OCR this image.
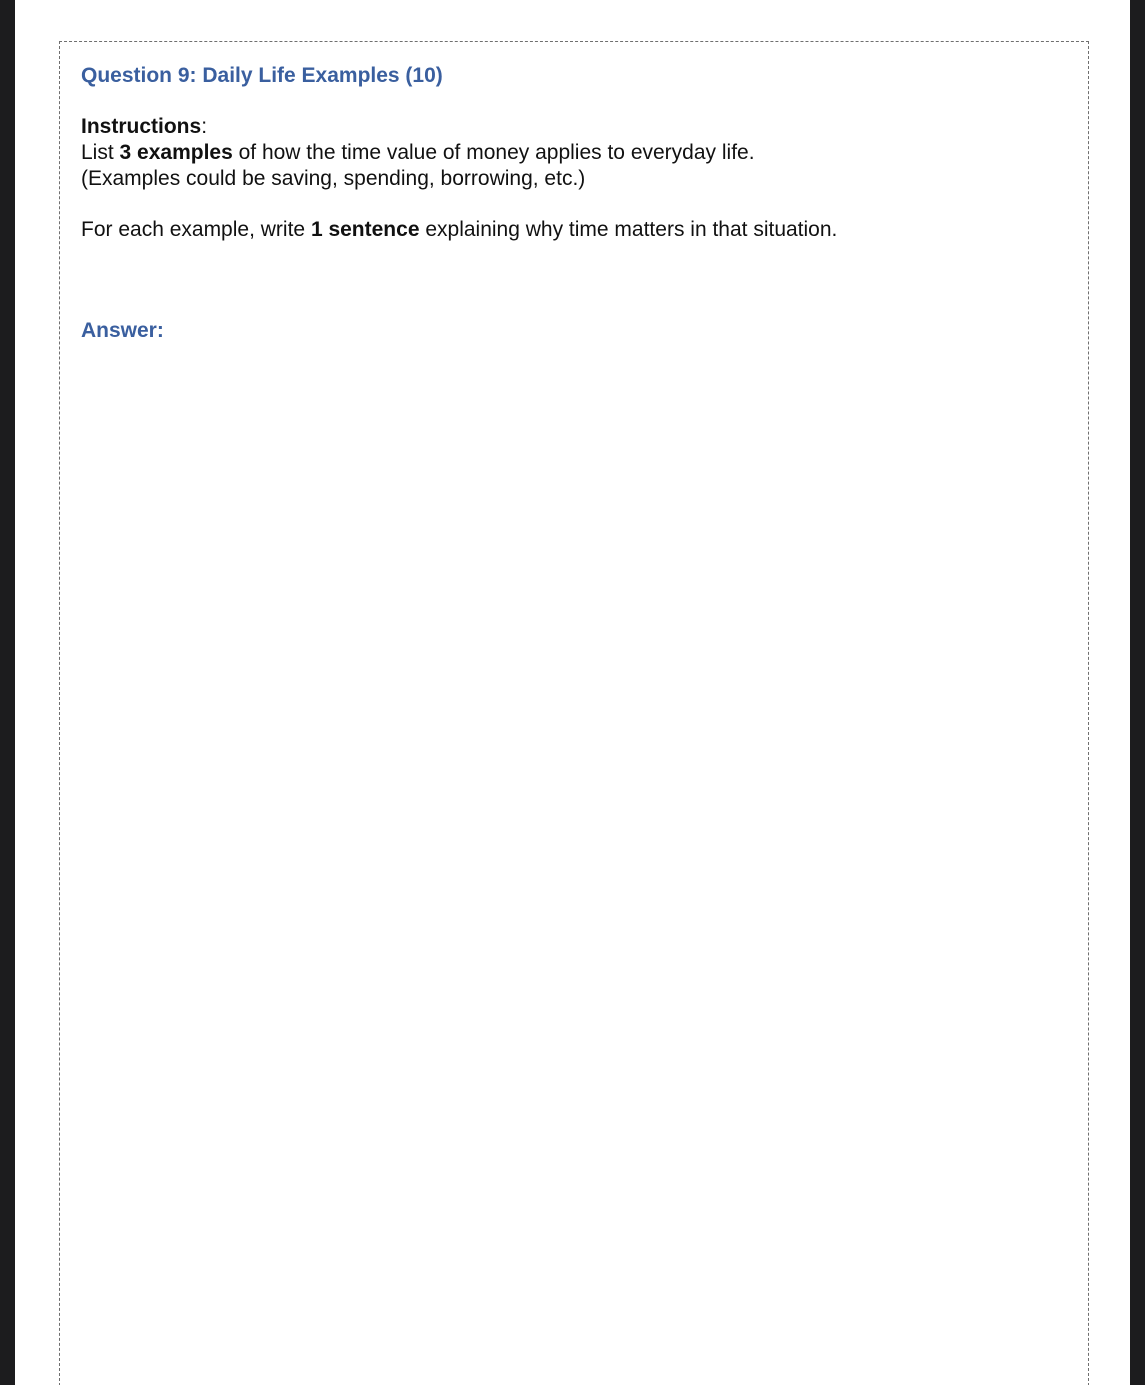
Question 9: Daily Life Examples (10)
Instructions:
List 3 examples of how the time value of money applies to everyday life.
(Examples could be saving, spending, borrowing, etc.)
For each example, write 1 sentence explaining why time matters in that situation.
Answer:
